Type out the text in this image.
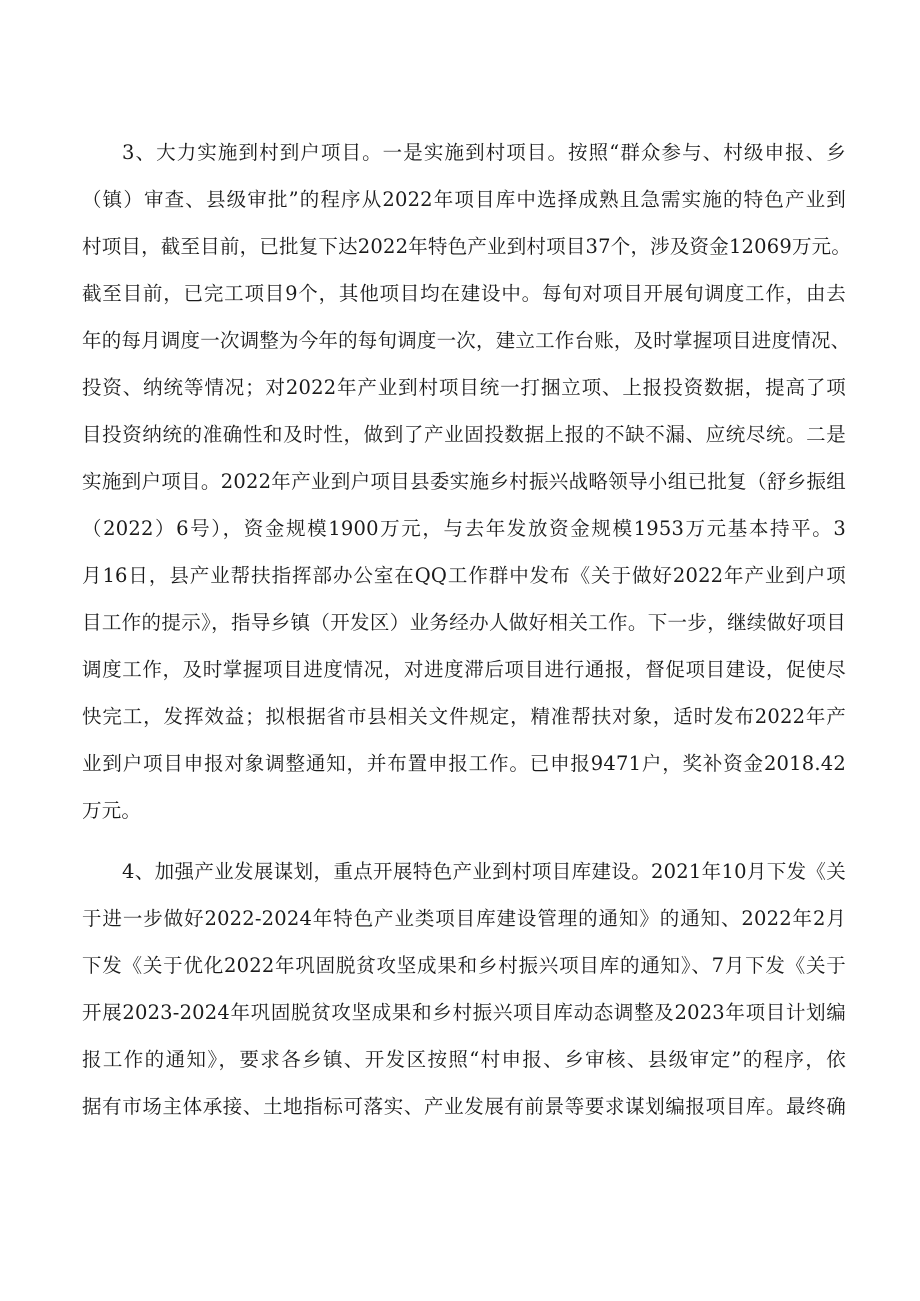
3、大力实施到村到户项目。一是实施到村项目。按照“群众参与、村级申报、乡
（镇）审查、县级审批”的程序从2022年项目库中选择成熟且急需实施的特色产业到
村项目，截至目前，已批复下达2022年特色产业到村项目37个，涉及资金12069万元。
截至目前，已完工项目9个，其他项目均在建设中。每旬对项目开展旬调度工作，由去
年的每月调度一次调整为今年的每旬调度一次，建立工作台账，及时掌握项目进度情况、
投资、纳统等情况；对2022年产业到村项目统一打捆立项、上报投资数据，提高了项
目投资纳统的准确性和及时性，做到了产业固投数据上报的不缺不漏、应统尽统。二是
实施到户项目。2022年产业到户项目县委实施乡村振兴战略领导小组已批复（舒乡振组
（2022）6号），资金规模1900万元，与去年发放资金规模1953万元基本持平。3
月16日，县产业帮扶指挥部办公室在QQ工作群中发布《关于做好2022年产业到户项
目工作的提示》，指导乡镇（开发区）业务经办人做好相关工作。下一步，继续做好项目
调度工作，及时掌握项目进度情况，对进度滞后项目进行通报，督促项目建设，促使尽
快完工，发挥效益；拟根据省市县相关文件规定，精准帮扶对象，适时发布2022年产
业到户项目申报对象调整通知，并布置申报工作。已申报9471户，奖补资金2018.42
万元。
4、加强产业发展谋划，重点开展特色产业到村项目库建设。2021年10月下发《关
于进一步做好2022-2024年特色产业类项目库建设管理的通知》的通知、2022年2月
下发《关于优化2022年巩固脱贫攻坚成果和乡村振兴项目库的通知》、7月下发《关于
开展2023-2024年巩固脱贫攻坚成果和乡村振兴项目库动态调整及2023年项目计划编
报工作的通知》，要求各乡镇、开发区按照“村申报、乡审核、县级审定”的程序，依
据有市场主体承接、土地指标可落实、产业发展有前景等要求谋划编报项目库。最终确
